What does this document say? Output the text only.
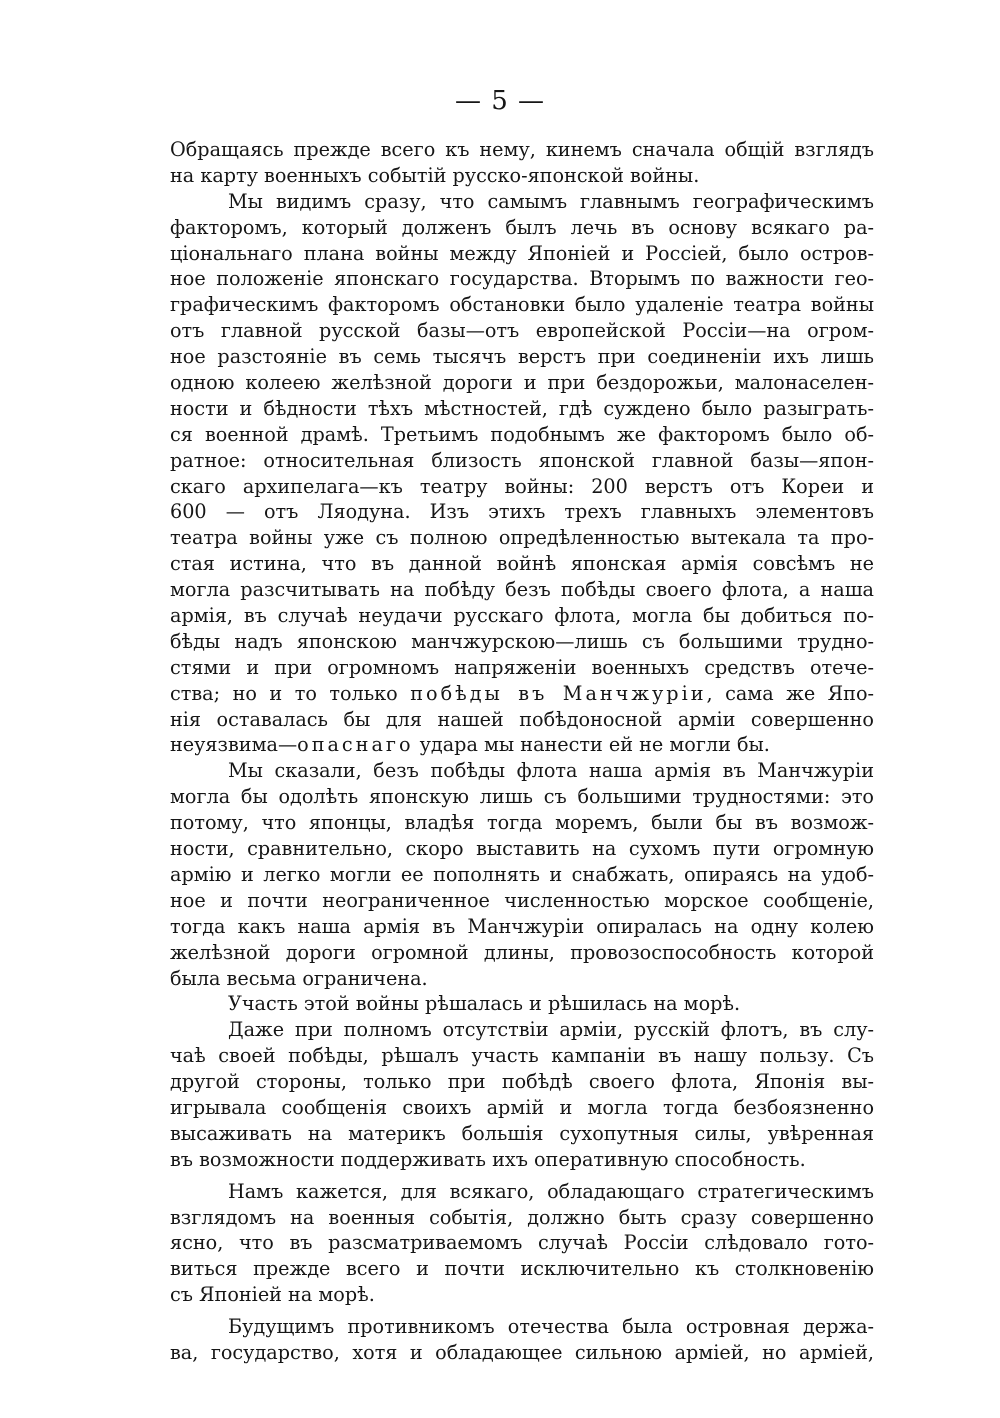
— 5 —
Обращаясь прежде всего къ нему, кинемъ сначала общій взглядъ
на карту военныхъ событій русско-японской войны.
Мы видимъ сразу, что самымъ главнымъ географическимъ
факторомъ, который долженъ былъ лечь въ основу всякаго ра-
ціональнаго плана войны между Японіей и Россіей, было остров-
ное положеніе японскаго государства. Вторымъ по важности гео-
графическимъ факторомъ обстановки было удаленіе театра войны
отъ главной русской базы—отъ европейской Россіи—на огром-
ное разстояніе въ семь тысячъ верстъ при соединеніи ихъ лишь
одною колеею желѣзной дороги и при бездорожьи, малонаселен-
ности и бѣдности тѣхъ мѣстностей, гдѣ суждено было разыграть-
ся военной драмѣ. Третьимъ подобнымъ же факторомъ было об-
ратное: относительная близость японской главной базы—япон-
скаго архипелага—къ театру войны: 200 верстъ отъ Кореи и
600 — отъ Ляодуна. Изъ этихъ трехъ главныхъ элементовъ
театра войны уже съ полною опредѣленностью вытекала та про-
стая истина, что въ данной войнѣ японская армія совсѣмъ не
могла разсчитывать на побѣду безъ побѣды своего флота, а наша
армія, въ случаѣ неудачи русскаго флота, могла бы добиться по-
бѣды надъ японскою манчжурскою—лишь съ большими трудно-
стями и при огромномъ напряженіи военныхъ средствъ отече-
ства; но и то только побѣды въ Манчжуріи, сама же Япо-
нія оставалась бы для нашей побѣдоносной арміи совершенно
неуязвима—опаснаго удара мы нанести ей не могли бы.
Мы сказали, безъ побѣды флота наша армія въ Манчжуріи
могла бы одолѣть японскую лишь съ большими трудностями: это
потому, что японцы, владѣя тогда моремъ, были бы въ возмож-
ности, сравнительно, скоро выставить на сухомъ пути огромную
армію и легко могли ее пополнять и снабжать, опираясь на удоб-
ное и почти неограниченное численностью морское сообщеніе,
тогда какъ наша армія въ Манчжуріи опиралась на одну колею
желѣзной дороги огромной длины, провозоспособность которой
была весьма ограничена.
Участь этой войны рѣшалась и рѣшилась на морѣ.
Даже при полномъ отсутствіи арміи, русскій флотъ, въ слу-
чаѣ своей побѣды, рѣшалъ участь кампаніи въ нашу пользу. Съ
другой стороны, только при побѣдѣ своего флота, Японія вы-
игрывала сообщенія своихъ армій и могла тогда безбоязненно
высаживать на материкъ большія сухопутныя силы, увѣренная
въ возможности поддерживать ихъ оперативную способность.
Намъ кажется, для всякаго, обладающаго стратегическимъ
взглядомъ на военныя событія, должно быть сразу совершенно
ясно, что въ разсматриваемомъ случаѣ Россіи слѣдовало гото-
виться прежде всего и почти исключительно къ столкновенію
съ Японіей на морѣ.
Будущимъ противникомъ отечества была островная держа-
ва, государство, хотя и обладающее сильною арміей, но арміей,
